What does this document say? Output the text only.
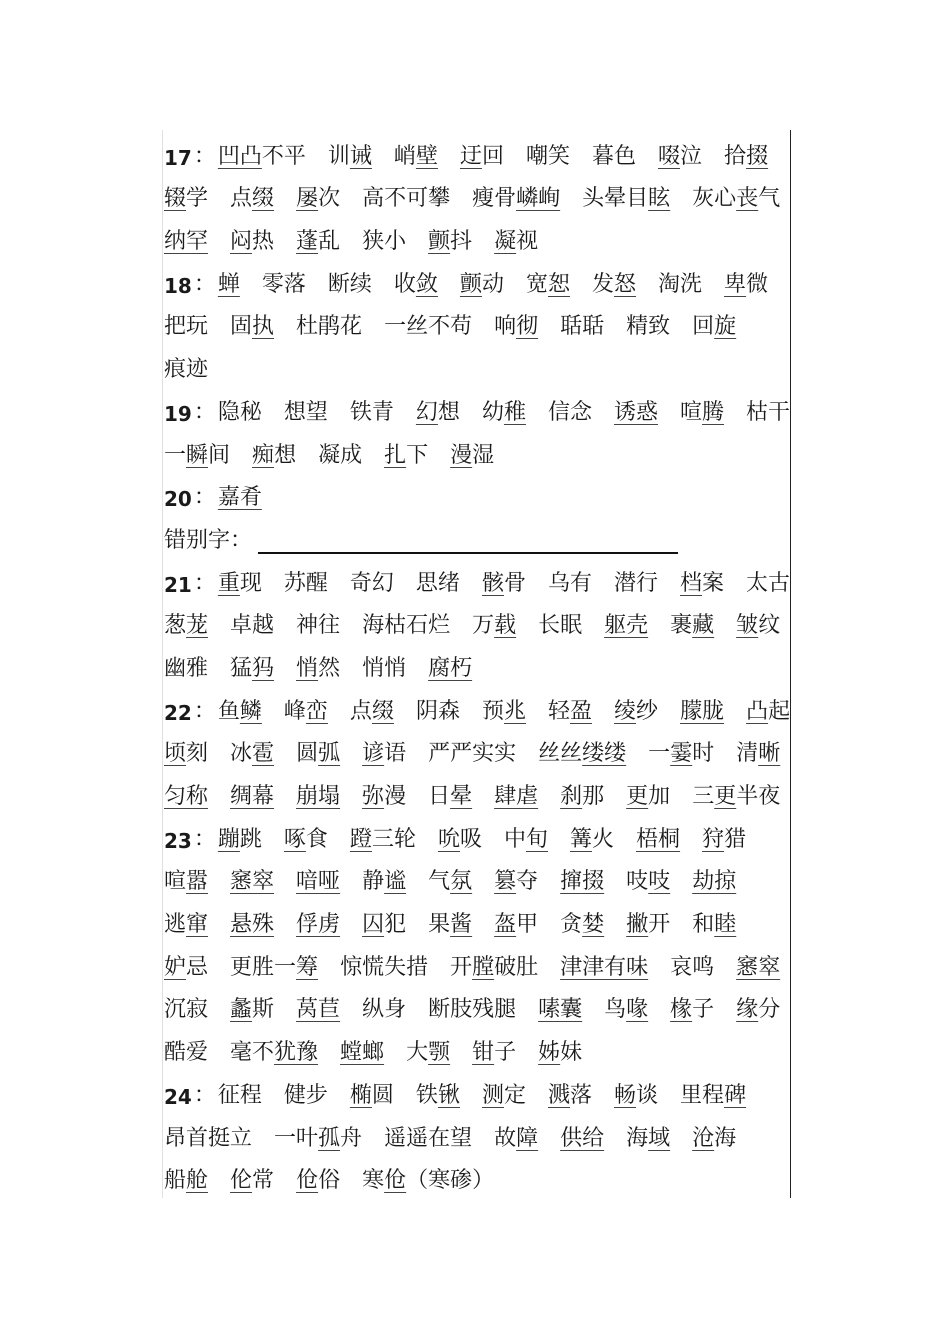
17 ： 凹凸不平 训诫 峭壁 迂回 嘲笑 暮色 啜泣 拾掇
辍学 点缀 屡次 高不可攀 瘦骨嶙峋 头晕目眩 灰心丧气
纳罕 闷热 蓬乱 狭小 颤抖 凝视
18 ： 蝉 零落 断续 收敛 颤动 宽恕 发怒 淘洗 卑微
把玩 固执 杜鹃花 一丝不苟 响彻 聒聒 精致 回旋
痕迹
19 ： 隐秘 想望 铁青 幻想 幼稚 信念 诱惑 喧腾 枯干
一瞬间 痴想 凝成 扎下 漫湿
20 ： 嘉肴
错别字：
21 ： 重现 苏醒 奇幻 思绪 骸骨 乌有 潜行 档案 太古
葱茏 卓越 神往 海枯石烂 万载 长眠 躯壳 裹藏 皱纹
幽雅 猛犸 悄然 悄悄 腐朽
22 ： 鱼鳞 峰峦 点缀 阴森 预兆 轻盈 绫纱 朦胧 凸起
顷刻 冰雹 圆弧 谚语 严严实实 丝丝缕缕 一霎时 清晰
匀称 绸幕 崩塌 弥漫 日晕 肆虐 刹那 更加 三更半夜
23 ： 蹦跳 啄食 蹬三轮 吮吸 中旬 篝火 梧桐 狩猎
喧嚣 窸窣 喑哑 静谧 气氛 篡夺 撺掇 吱吱 劫掠
逃窜 悬殊 俘虏 囚犯 果酱 盔甲 贪婪 撇开 和睦
妒忌 更胜一筹 惊慌失措 开膛破肚 津津有味 哀鸣 窸窣
沉寂 蠡斯 莴苣 纵身 断肢残腿 嗉囊 鸟喙 椽子 缘分
酷爱 毫不犹豫 螳螂 大颚 钳子 姊妹
24 ： 征程 健步 椭圆 铁锹 测定 溅落 畅谈 里程碑
昂首挺立 一叶孤舟 遥遥在望 故障 供给 海域 沧海
船舱 伦常 伧俗 寒伧（寒碜）
